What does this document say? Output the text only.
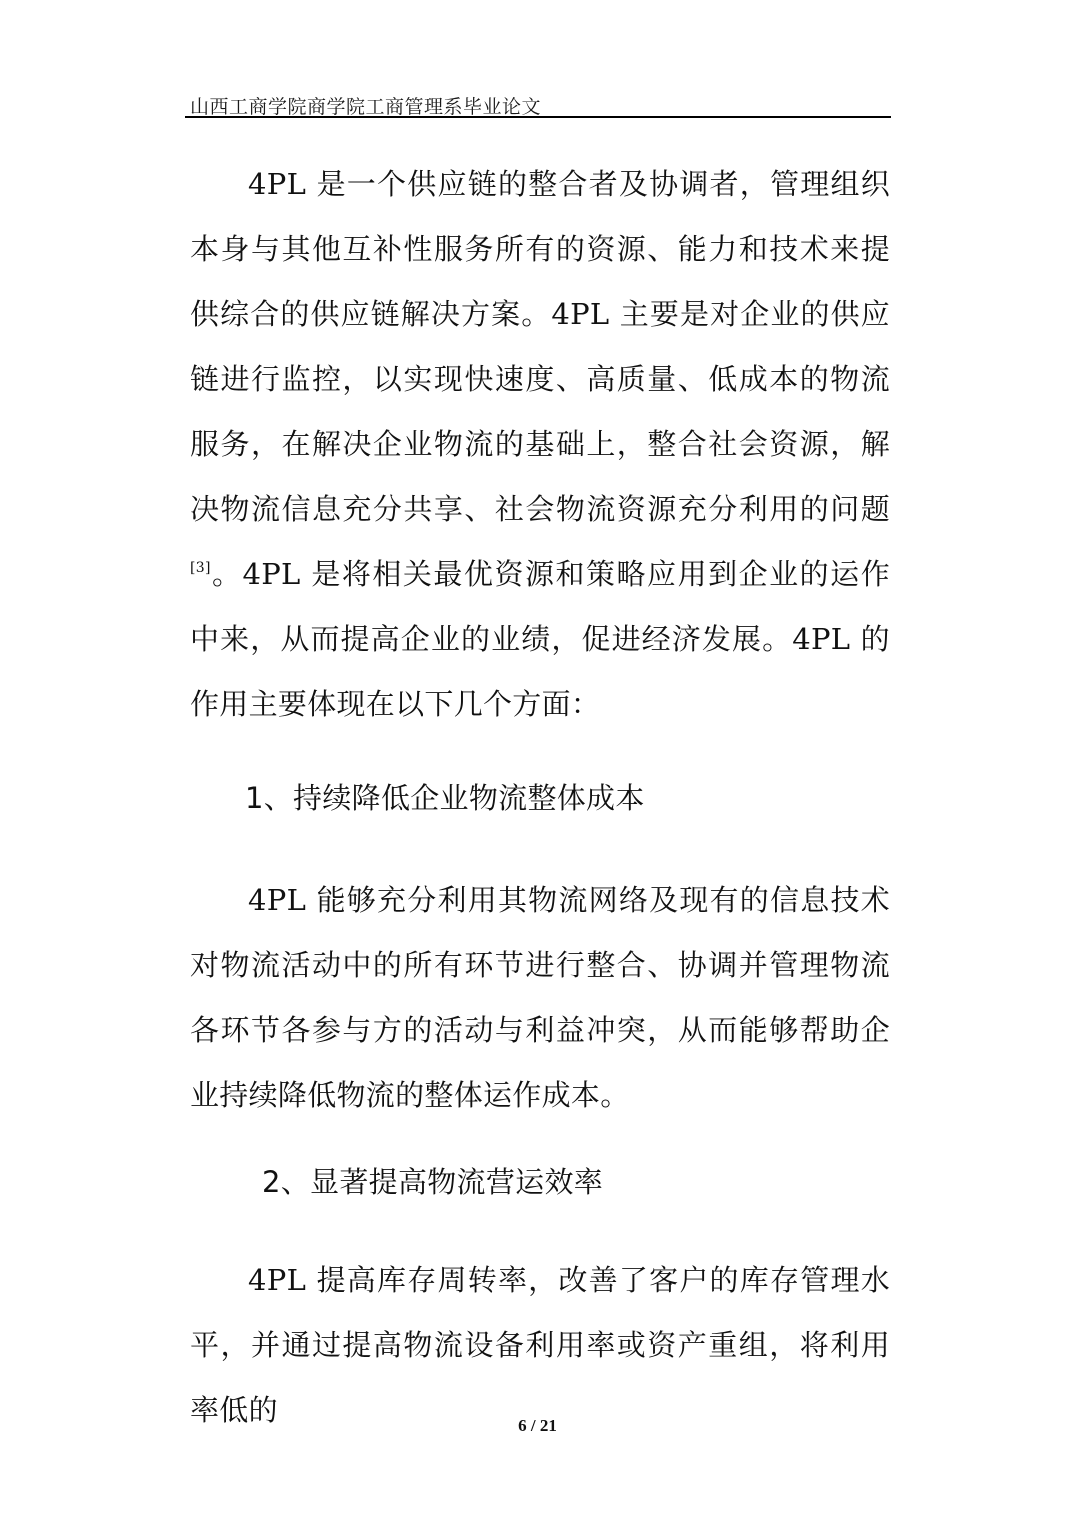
山西工商学院商学院工商管理系毕业论文
4PL 是一个供应链的整合者及协调者，管理组织本身与其他互补性服务所有的资源、能力和技术来提供综合的供应链解决方案。4PL 主要是对企业的供应链进行监控，以实现快速度、高质量、低成本的物流服务，在解决企业物流的基础上，整合社会资源，解决物流信息充分共享、社会物流资源充分利用的问题[3]。4PL 是将相关最优资源和策略应用到企业的运作中来，从而提高企业的业绩，促进经济发展。4PL 的作用主要体现在以下几个方面：
1、持续降低企业物流整体成本
4PL 能够充分利用其物流网络及现有的信息技术对物流活动中的所有环节进行整合、协调并管理物流各环节各参与方的活动与利益冲突，从而能够帮助企业持续降低物流的整体运作成本。
2、显著提高物流营运效率
4PL 提高库存周转率，改善了客户的库存管理水平，并通过提高物流设备利用率或资产重组，将利用率低的	6 / 21
